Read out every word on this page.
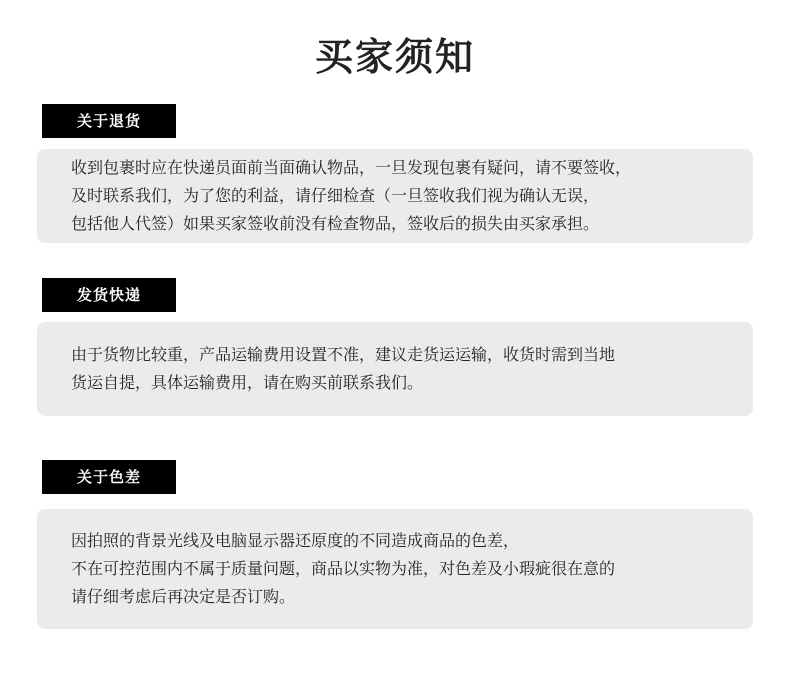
买家须知
关于退货
收到包裹时应在快递员面前当面确认物品，一旦发现包裹有疑问，请不要签收，
及时联系我们，为了您的利益，请仔细检查（一旦签收我们视为确认无误，
包括他人代签）如果买家签收前没有检查物品，签收后的损失由买家承担。
发货快递
由于货物比较重，产品运输费用设置不准，建议走货运运输，收货时需到当地
货运自提，具体运输费用，请在购买前联系我们。
关于色差
因拍照的背景光线及电脑显示器还原度的不同造成商品的色差，
不在可控范围内不属于质量问题，商品以实物为准，对色差及小瑕疵很在意的
请仔细考虑后再决定是否订购。
